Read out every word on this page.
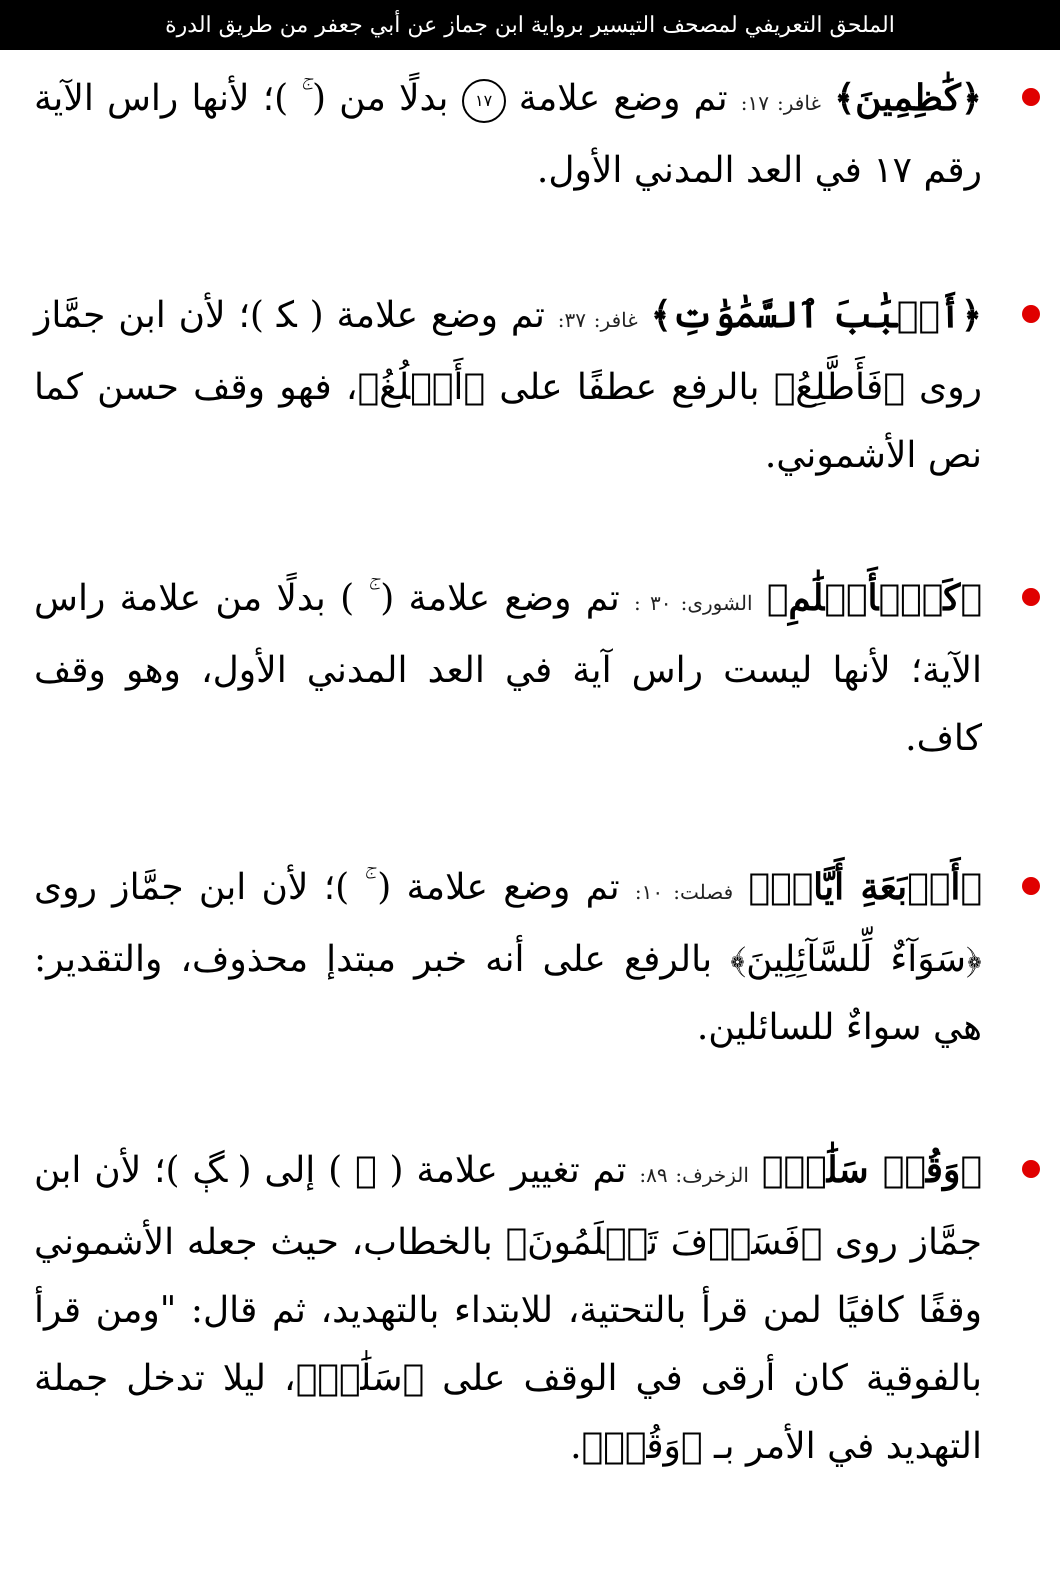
الملحق التعريفي لمصحف التيسير برواية ابن جماز عن أبي جعفر من طريق الدرة

﴿كَٰظِمِينَ﴾ غافر: ١٧: تم وضع علامة ١٧ بدلًا من ( ۚ )؛ لأنها راس الآية رقم ١٧ في العد المدني الأول.

﴿أَسۡبَٰبَ ٱلسَّمَٰوَٰتِ﴾ غافر: ٣٧: تم وضع علامة ( ﮑ )؛ لأن ابن جمَّاز روى ﴿فَأَطَّلِعُ﴾ بالرفع عطفًا على ﴿أَبۡلُغُ﴾، فهو وقف حسن كما نص الأشموني.

﴿كَٱلۡأَعۡلَٰمِ﴾ الشورى: ٣٠ : تم وضع علامة ( ۚ ) بدلًا من علامة راس الآية؛ لأنها ليست راس آية في العد المدني الأول، وهو وقف كاف.

﴿أَرۡبَعَةِ أَيَّامٖ﴾ فصلت: ١٠: تم وضع علامة ( ۚ )؛ لأن ابن جمَّاز روى ﴿سَوَآءٌ لِّلسَّآئِلِينَ﴾ بالرفع على أنه خبر مبتدإ محذوف، والتقدير: هي سواءٌ للسائلين.

﴿وَقُلۡ سَلَٰمٞ﴾ الزخرف: ٨٩: تم تغيير علامة ( ۚ ) إلى ( ﮗ )؛ لأن ابن جمَّاز روى ﴿فَسَوۡفَ تَعۡلَمُونَ﴾ بالخطاب، حيث جعله الأشموني وقفًا كافيًا لمن قرأ بالتحتية، للابتداء بالتهديد، ثم قال: "ومن قرأ بالفوقية كان أرقى في الوقف على ﴿سَلَٰمٞ﴾، ليلا تدخل جملة التهديد في الأمر بـ ﴿وَقُلۡ﴾.
